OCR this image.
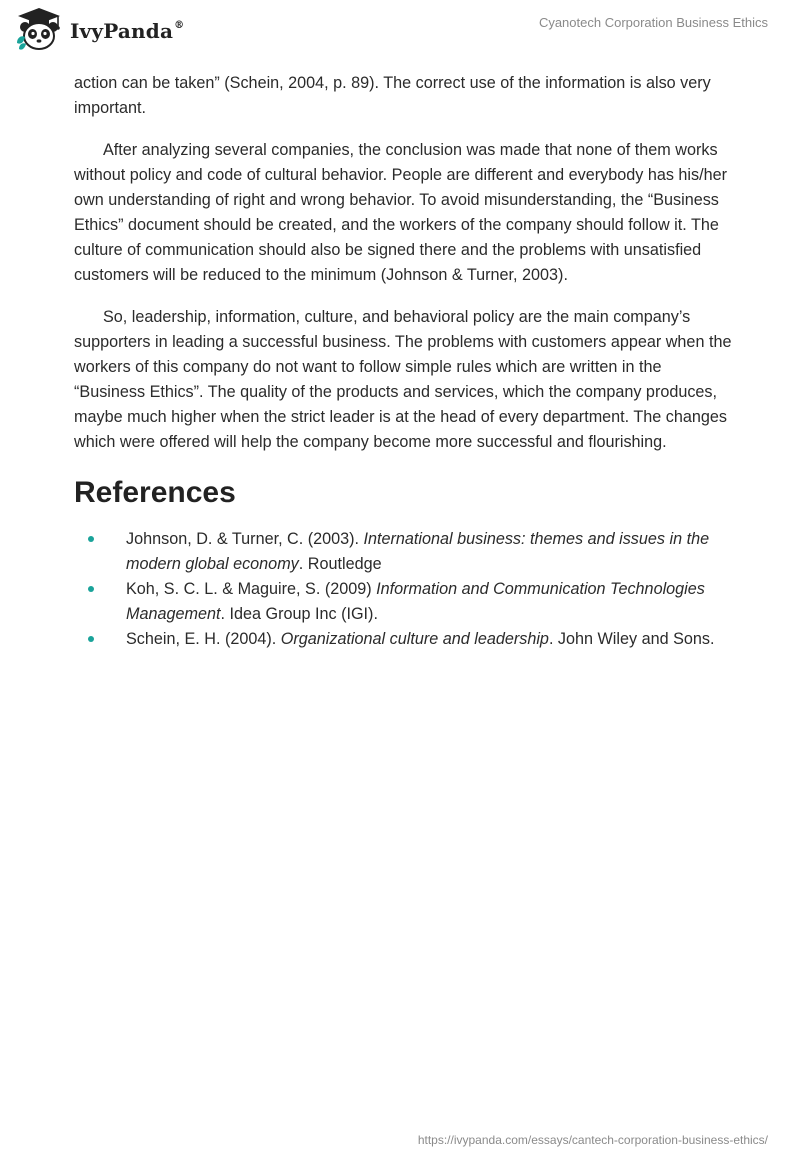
IvyPanda®	Cyanotech Corporation Business Ethics

action can be taken” (Schein, 2004, p. 89). The correct use of the information is also very important.

After analyzing several companies, the conclusion was made that none of them works without policy and code of cultural behavior. People are different and everybody has his/her own understanding of right and wrong behavior. To avoid misunderstanding, the “Business Ethics” document should be created, and the workers of the company should follow it. The culture of communication should also be signed there and the problems with unsatisfied customers will be reduced to the minimum (Johnson & Turner, 2003).

So, leadership, information, culture, and behavioral policy are the main company’s supporters in leading a successful business. The problems with customers appear when the workers of this company do not want to follow simple rules which are written in the “Business Ethics”. The quality of the products and services, which the company produces, maybe much higher when the strict leader is at the head of every department. The changes which were offered will help the company become more successful and flourishing.

References
Johnson, D. & Turner, C. (2003). International business: themes and issues in the modern global economy. Routledge
Koh, S. C. L. & Maguire, S. (2009) Information and Communication Technologies Management. Idea Group Inc (IGI).
Schein, E. H. (2004). Organizational culture and leadership. John Wiley and Sons.
https://ivypanda.com/essays/cantech-corporation-business-ethics/
